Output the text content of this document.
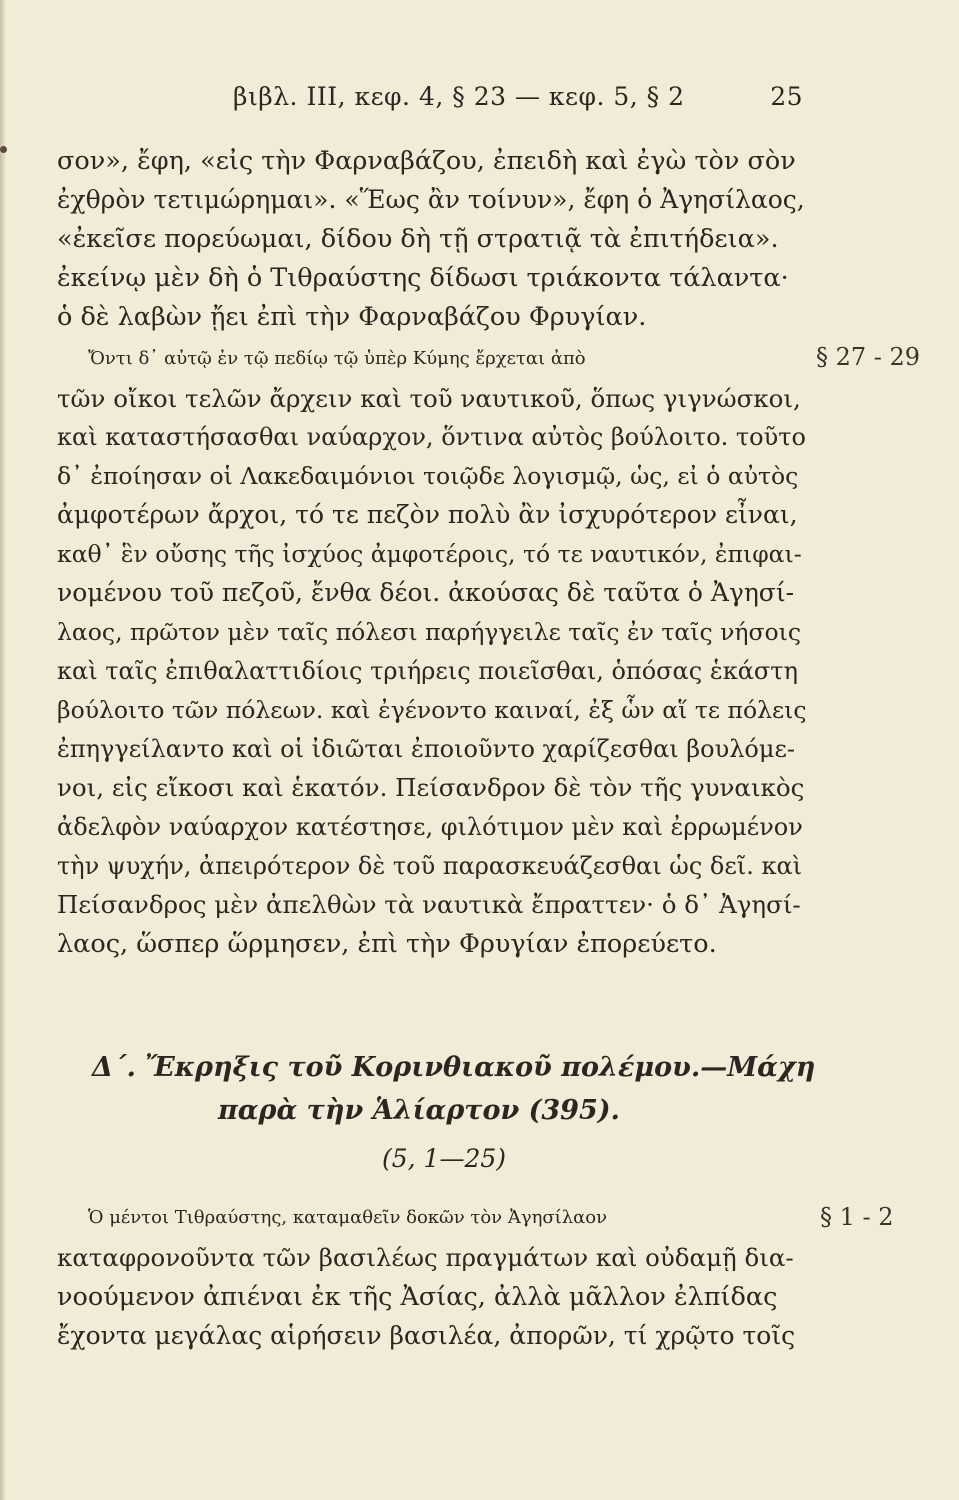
βιβλ. ΙΙΙ, κεφ. 4, § 23 — κεφ. 5, § 2	25
σον», ἔφη, «εἰς τὴν Φαρναβάζου, ἐπειδὴ καὶ ἐγὼ τὸν σὸν
ἐχθρὸν τετιμώρημαι». «Ἕως ἂν τοίνυν», ἔφη ὁ Ἀγησίλαος,
«ἐκεῖσε πορεύωμαι, δίδου δὴ τῇ στρατιᾷ τὰ ἐπιτήδεια».
ἐκείνῳ μὲν δὴ ὁ Τιθραύστης δίδωσι τριάκοντα τάλαντα·
ὁ δὲ λαβὼν ᾔει ἐπὶ τὴν Φαρναβάζου Φρυγίαν.
Ὄντι δ᾽ αὐτῷ ἐν τῷ πεδίῳ τῷ ὑπὲρ Κύμης ἔρχεται ἀπὸ	§ 27 - 29
τῶν οἴκοι τελῶν ἄρχειν καὶ τοῦ ναυτικοῦ, ὅπως γιγνώσκοι,
καὶ καταστήσασθαι ναύαρχον, ὅντινα αὐτὸς βούλοιτο. τοῦτο
δ᾽ ἐποίησαν οἱ Λακεδαιμόνιοι τοιῷδε λογισμῷ, ὡς, εἰ ὁ αὐτὸς
ἀμφοτέρων ἄρχοι, τό τε πεζὸν πολὺ ἂν ἰσχυρότερον εἶναι,
καθ᾽ ἓν οὔσης τῆς ἰσχύος ἀμφοτέροις, τό τε ναυτικόν, ἐπιφαι-
νομένου τοῦ πεζοῦ, ἔνθα δέοι. ἀκούσας δὲ ταῦτα ὁ Ἀγησί-
λαος, πρῶτον μὲν ταῖς πόλεσι παρήγγειλε ταῖς ἐν ταῖς νήσοις
καὶ ταῖς ἐπιθαλαττιδίοις τριήρεις ποιεῖσθαι, ὁπόσας ἑκάστη
βούλοιτο τῶν πόλεων. καὶ ἐγένοντο καιναί, ἐξ ὧν αἵ τε πόλεις
ἐπηγγείλαντο καὶ οἱ ἰδιῶται ἐποιοῦντο χαρίζεσθαι βουλόμε-
νοι, εἰς εἴκοσι καὶ ἑκατόν. Πείσανδρον δὲ τὸν τῆς γυναικὸς
ἀδελφὸν ναύαρχον κατέστησε, φιλότιμον μὲν καὶ ἐρρωμένον
τὴν ψυχήν, ἀπειρότερον δὲ τοῦ παρασκευάζεσθαι ὡς δεῖ. καὶ
Πείσανδρος μὲν ἀπελθὼν τὰ ναυτικὰ ἔπραττεν· ὁ δ᾽ Ἀγησί-
λαος, ὥσπερ ὥρμησεν, ἐπὶ τὴν Φρυγίαν ἐπορεύετο.
Δ΄. Ἔκρηξις τοῦ Κορινθιακοῦ πολέμου.—Μάχη
παρὰ τὴν Ἁλίαρτον (395).
(5, 1—25)
Ὁ μέντοι Τιθραύστης, καταμαθεῖν δοκῶν τὸν Ἀγησίλαον	§ 1 - 2
καταφρονοῦντα τῶν βασιλέως πραγμάτων καὶ οὐδαμῇ δια-
νοούμενον ἀπιέναι ἐκ τῆς Ἀσίας, ἀλλὰ μᾶλλον ἐλπίδας
ἔχοντα μεγάλας αἱρήσειν βασιλέα, ἀπορῶν, τί χρῷτο τοῖς
